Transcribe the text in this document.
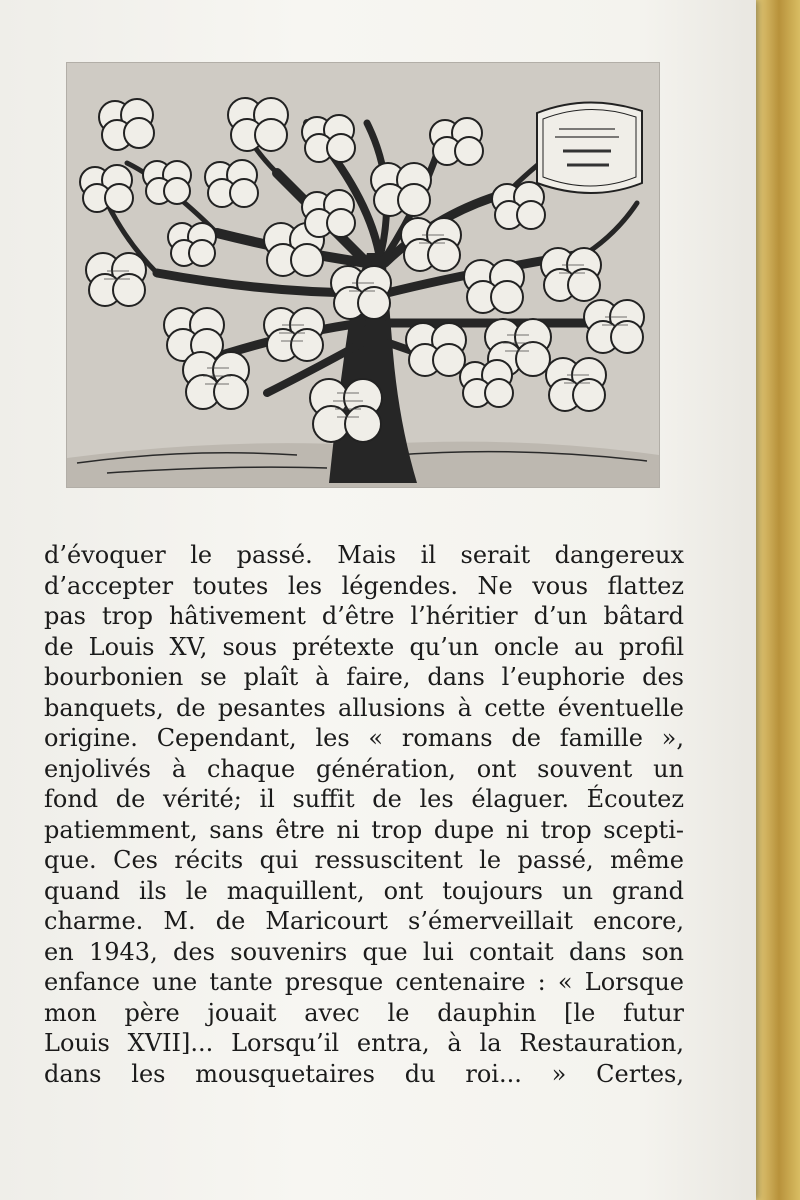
d’évoquer le passé. Mais il serait dangereux
d’accepter toutes les légendes. Ne vous flattez
pas trop hâtivement d’être l’héritier d’un bâtard
de Louis XV, sous prétexte qu’un oncle au profil
bourbonien se plaît à faire, dans l’euphorie des
banquets, de pesantes allusions à cette éventuelle
origine. Cependant, les « romans de famille »,
enjolivés à chaque génération, ont souvent un
fond de vérité; il suffit de les élaguer. Écoutez
patiemment, sans être ni trop dupe ni trop scepti-
que. Ces récits qui ressuscitent le passé, même
quand ils le maquillent, ont toujours un grand
charme. M. de Maricourt s’émerveillait encore,
en 1943, des souvenirs que lui contait dans son
enfance une tante presque centenaire : « Lorsque
mon père jouait avec le dauphin [le futur
Louis XVII]... Lorsqu’il entra, à la Restauration,
dans les mousquetaires du roi... » Certes,
